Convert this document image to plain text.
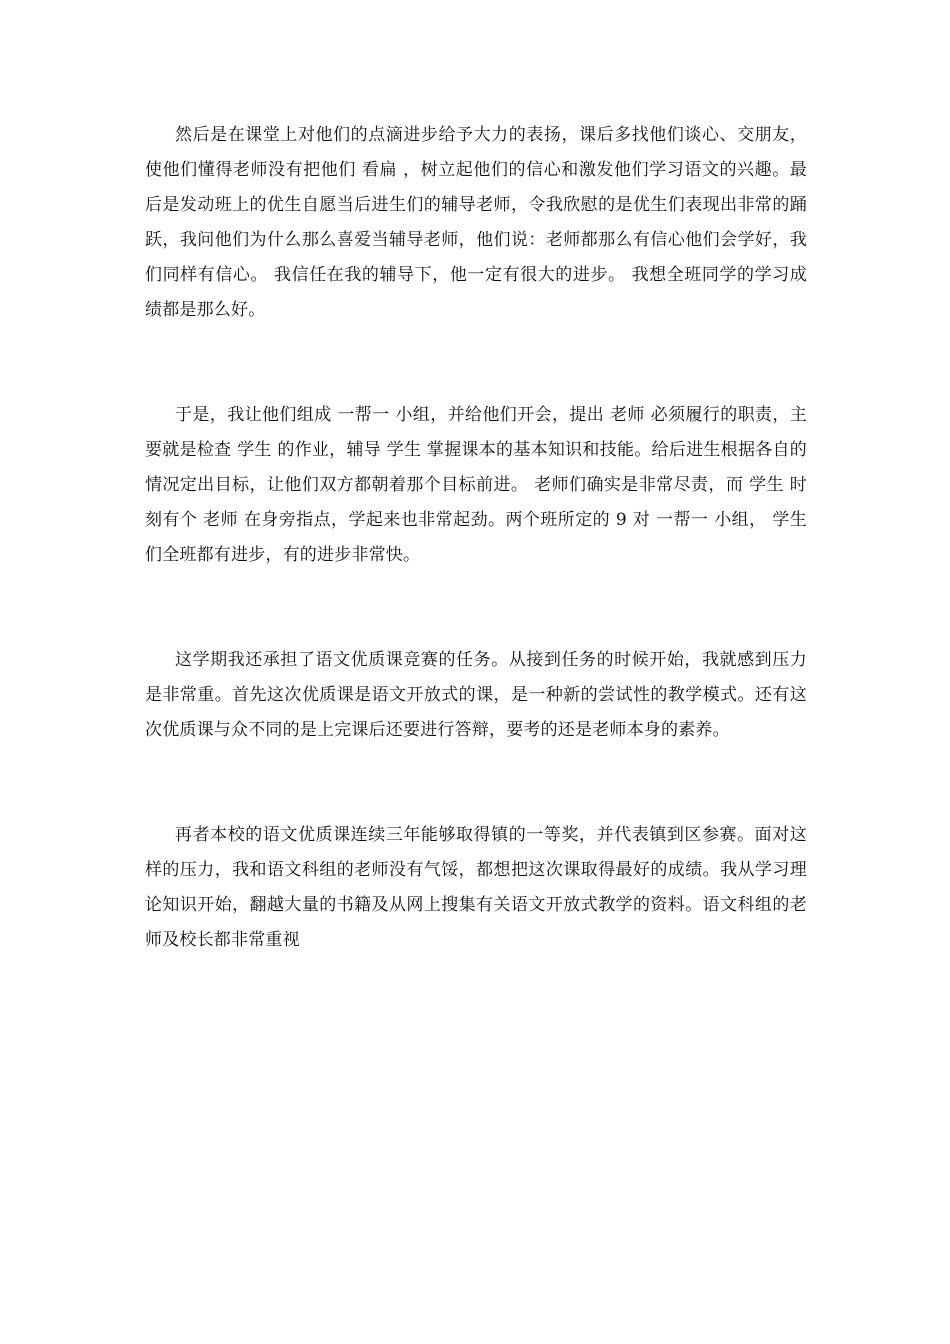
然后是在课堂上对他们的点滴进步给予大力的表扬，课后多找他们谈心、交朋友，使他们懂得老师没有把他们 看扁 ，树立起他们的信心和激发他们学习语文的兴趣。最后是发动班上的优生自愿当后进生们的辅导老师，令我欣慰的是优生们表现出非常的踊跃，我问他们为什么那么喜爱当辅导老师，他们说：老师都那么有信心他们会学好，我们同样有信心。 我信任在我的辅导下，他一定有很大的进步。 我想全班同学的学习成绩都是那么好。

于是，我让他们组成 一帮一 小组，并给他们开会，提出 老师 必须履行的职责，主要就是检查 学生 的作业，辅导 学生 掌握课本的基本知识和技能。给后进生根据各自的情况定出目标，让他们双方都朝着那个目标前进。 老师们确实是非常尽责，而 学生 时刻有个 老师 在身旁指点，学起来也非常起劲。两个班所定的 9 对 一帮一 小组， 学生 们全班都有进步，有的进步非常快。

这学期我还承担了语文优质课竞赛的任务。从接到任务的时候开始，我就感到压力是非常重。首先这次优质课是语文开放式的课，是一种新的尝试性的教学模式。还有这次优质课与众不同的是上完课后还要进行答辩，要考的还是老师本身的素养。

再者本校的语文优质课连续三年能够取得镇的一等奖，并代表镇到区参赛。面对这样的压力，我和语文科组的老师没有气馁，都想把这次课取得最好的成绩。我从学习理论知识开始，翻越大量的书籍及从网上搜集有关语文开放式教学的资料。语文科组的老师及校长都非常重视
